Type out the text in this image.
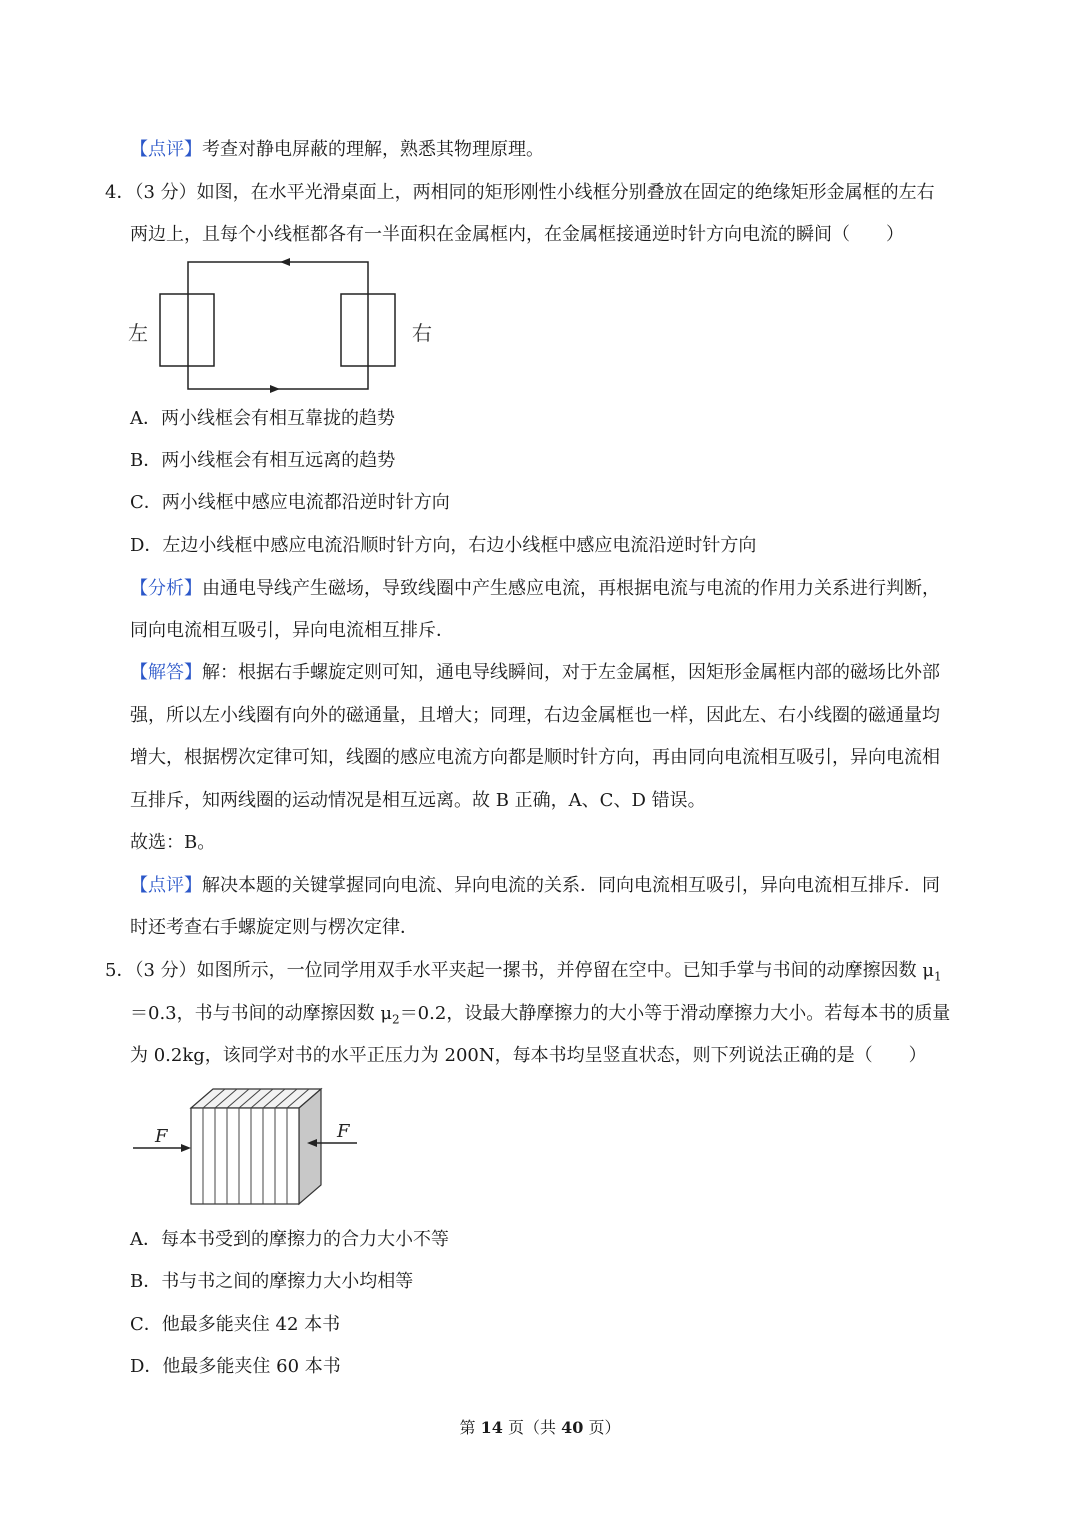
【点评】考查对静电屏蔽的理解，熟悉其物理原理。
4．（3 分）如图，在水平光滑桌面上，两相同的矩形刚性小线框分别叠放在固定的绝缘矩形金属框的左右
两边上，且每个小线框都各有一半面积在金属框内，在金属框接通逆时针方向电流的瞬间（　　）
左	右
A．两小线框会有相互靠拢的趋势
B．两小线框会有相互远离的趋势
C．两小线框中感应电流都沿逆时针方向
D．左边小线框中感应电流沿顺时针方向，右边小线框中感应电流沿逆时针方向
【分析】由通电导线产生磁场，导致线圈中产生感应电流，再根据电流与电流的作用力关系进行判断，
同向电流相互吸引，异向电流相互排斥．
【解答】解：根据右手螺旋定则可知，通电导线瞬间，对于左金属框，因矩形金属框内部的磁场比外部
强，所以左小线圈有向外的磁通量，且增大；同理，右边金属框也一样，因此左、右小线圈的磁通量均
增大，根据楞次定律可知，线圈的感应电流方向都是顺时针方向，再由同向电流相互吸引，异向电流相
互排斥，知两线圈的运动情况是相互远离。故 B 正确，A、C、D 错误。
故选：B。
【点评】解决本题的关键掌握同向电流、异向电流的关系．同向电流相互吸引，异向电流相互排斥．同
时还考查右手螺旋定则与楞次定律．
5．（3 分）如图所示，一位同学用双手水平夹起一摞书，并停留在空中。已知手掌与书间的动摩擦因数 $\mu_1$
＝0.3，书与书间的动摩擦因数 $\mu_2=0.2$，设最大静摩擦力的大小等于滑动摩擦力大小。若每本书的质量
为 0.2kg，该同学对书的水平正压力为 200N，每本书均呈竖直状态，则下列说法正确的是（　　）
F	F
A．每本书受到的摩擦力的合力大小不等
B．书与书之间的摩擦力大小均相等
C．他最多能夹住 42 本书
D．他最多能夹住 60 本书
第 14 页（共 40 页）
